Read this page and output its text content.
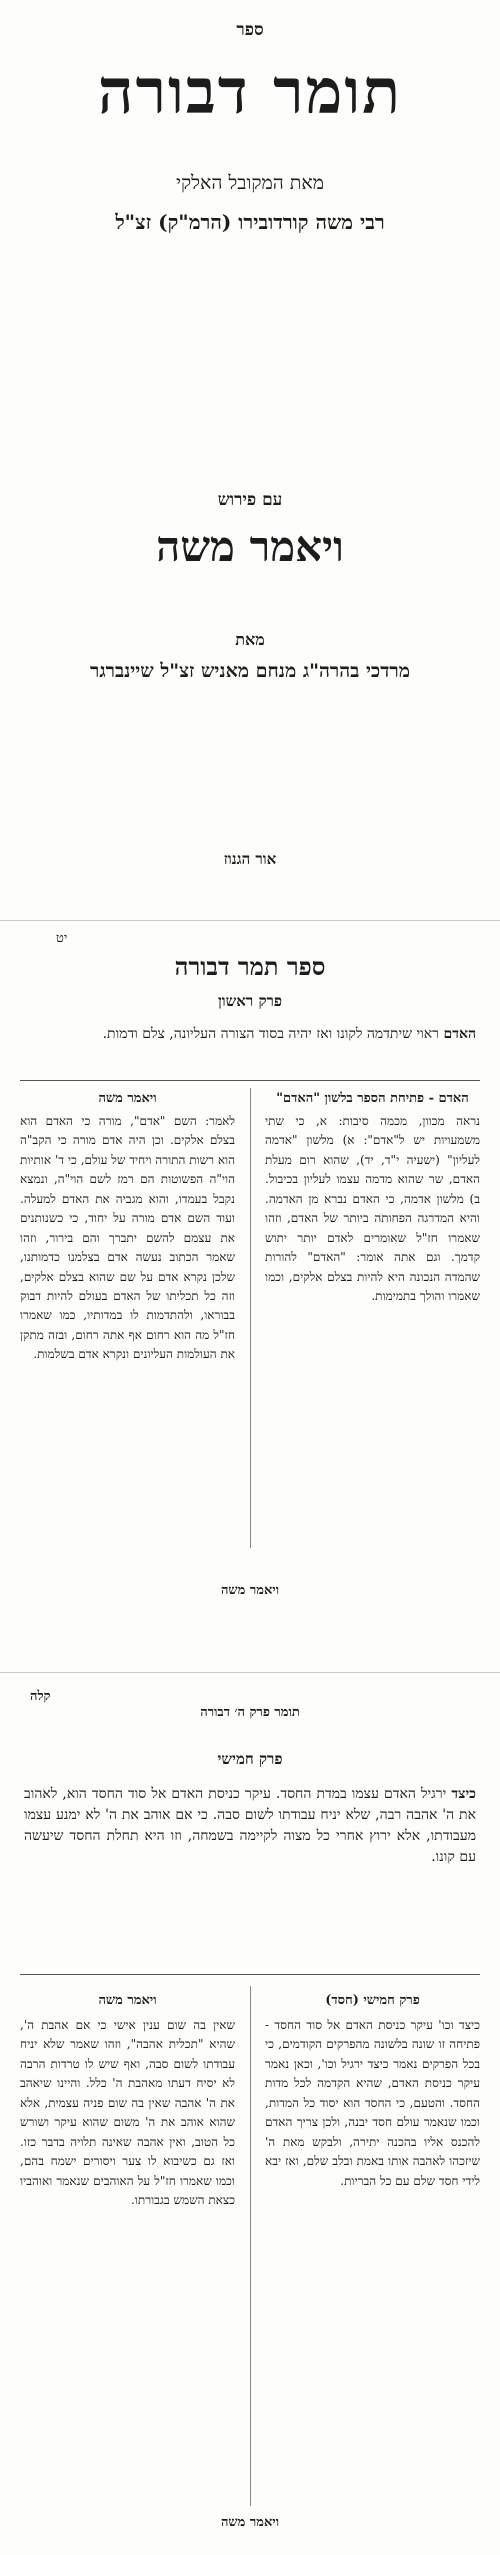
ספר
תומר דבורה
מאת המקובל האלקי
רבי משה קורדובירו (הרמ"ק) זצ"ל
עם פירוש
ויאמר משה
מאת
מרדכי בהרה"ג מנחם מאניש זצ"ל שיינברגר
אור הגנוז
יט
ספר תמר דבורה
פרק ראשון
האדם ראוי שיתדמה לקונו ואז יהיה בסוד הצורה העליונה, צלם ודמות.
האדם - פתיחת הספר בלשון "האדם"
נראה מכוון, מכמה סיבות: א, כי שתי משמעויות יש ל"אדם": א) מלשון "אדמה לעליון" (ישעיה י"ד, יד), שהוא רום מעלת האדם, שר שהוא מדמה עצמו לעליון בכיבול. ב) מלשון אדמה, כי האדם נברא מן האדמה. והיא המדרגה הפחותה ביותר של האדם, וזהו שאמרו חז"ל שאומרים לאדם יותר יתוש קדמך. וגם אתה אומר: "האדם" להורות שהמדה הנכונה היא להיות בצלם אלקים, וכמו שאמרו והולך בתמימות.
ויאמר משה
לאמר: השם "אדם", מורה כי האדם הוא בצלם אלקים. וכן היה אדם מורה כי הקב"ה הוא רשות התורה ויחיד של עולם, כי ד' אותיות הוי"ה הפשוטות הם רמז לשם הוי"ה, ונמצא נקבל בעמדו, והוא מגביה את האדם למעלה. ועוד השם אדם מורה על יחוד, כי כשנותנים את עצמם להשם יתברך והם בירור, וזהו שאמר הכתוב נעשה אדם בצלמנו כדמותנו, שלכן נקרא אדם על שם שהוא בצלם אלקים, וזה כל תכליתו של האדם בעולם להיות דבוק בבוראו, ולהתדמות לו במדותיו, כמו שאמרו חז"ל מה הוא רחום אף אתה רחום, ובזה מתקן את העולמות העליונים ונקרא אדם בשלמות.
ויאמר משה
קלה
תומר פרק ה׳ דבורה
פרק חמישי
כיצד ירגיל האדם עצמו במדת החסד. עיקר כניסת האדם אל סוד החסד הוא, לאהוב את ה' אהבה רבה, שלא יניח עבודתו לשום סבה. כי אם אוהב את ה' לא ימנע עצמו מעבודתו, אלא ירוץ אחרי כל מצוה לקיימה בשמחה, וזו היא תחלת החסד שיעשה עם קונו.
פרק חמישי (חסד)
כיצד וכו' עיקר כניסת האדם אל סוד החסד - פתיחה זו שונה בלשונה מהפרקים הקודמים, כי בכל הפרקים נאמר כיצד ירגיל וכו', וכאן נאמר עיקר כניסת האדם, שהיא הקדמה לכל מדות החסד. והטעם, כי החסד הוא יסוד כל המדות, וכמו שנאמר עולם חסד יבנה, ולכן צריך האדם להכנס אליו בהכנה יתירה, ולבקש מאת ה' שיזכהו לאהבה אותו באמת ובלב שלם, ואז יבא לידי חסד שלם עם כל הבריות.
ויאמר משה
שאין בה שום ענין אישי כי אם אהבת ה', שהיא "תכלית אהבה", וזהו שאמר שלא יניח עבודתו לשום סבה, ואף שיש לו טרדות הרבה לא יסיח דעתו מאהבת ה' כלל. והיינו שיאהב את ה' אהבה שאין בה שום פניה עצמית, אלא שהוא אוהב את ה' משום שהוא עיקר ושורש כל הטוב, ואין אהבה שאינה תלויה בדבר כזו. ואז גם כשיבוא לו צער ויסורים ישמח בהם, וכמו שאמרו חז"ל על האוהבים שנאמר ואוהביו כצאת השמש בגבורתו.
ויאמר משה
